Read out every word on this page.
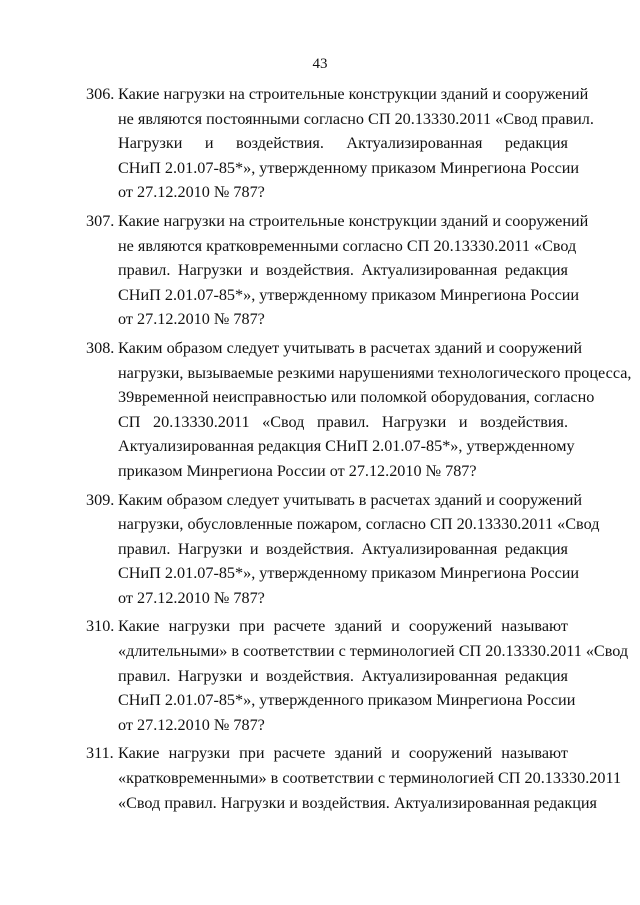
43
306. Какие нагрузки на строительные конструкции зданий и сооружений
не являются постоянными согласно СП 20.13330.2011 «Свод правил.
Нагрузки и воздействия. Актуализированная редакция
СНиП 2.01.07-85*», утвержденному приказом Минрегиона России
от 27.12.2010 № 787?
307. Какие нагрузки на строительные конструкции зданий и сооружений
не являются кратковременными согласно СП 20.13330.2011 «Свод
правил. Нагрузки и воздействия. Актуализированная редакция
СНиП 2.01.07-85*», утвержденному приказом Минрегиона России
от 27.12.2010 № 787?
308. Каким образом следует учитывать в расчетах зданий и сооружений
нагрузки, вызываемые резкими нарушениями технологического процесса,
39временной неисправностью или поломкой оборудования, согласно
СП 20.13330.2011 «Свод правил. Нагрузки и воздействия.
Актуализированная редакция СНиП 2.01.07-85*», утвержденному
приказом Минрегиона России от 27.12.2010 № 787?
309. Каким образом следует учитывать в расчетах зданий и сооружений
нагрузки, обусловленные пожаром, согласно СП 20.13330.2011 «Свод
правил. Нагрузки и воздействия. Актуализированная редакция
СНиП 2.01.07-85*», утвержденному приказом Минрегиона России
от 27.12.2010 № 787?
310. Какие нагрузки при расчете зданий и сооружений называют
«длительными» в соответствии с терминологией СП 20.13330.2011 «Свод
правил. Нагрузки и воздействия. Актуализированная редакция
СНиП 2.01.07-85*», утвержденного приказом Минрегиона России
от 27.12.2010 № 787?
311. Какие нагрузки при расчете зданий и сооружений называют
«кратковременными» в соответствии с терминологией СП 20.13330.2011
«Свод правил. Нагрузки и воздействия. Актуализированная редакция
